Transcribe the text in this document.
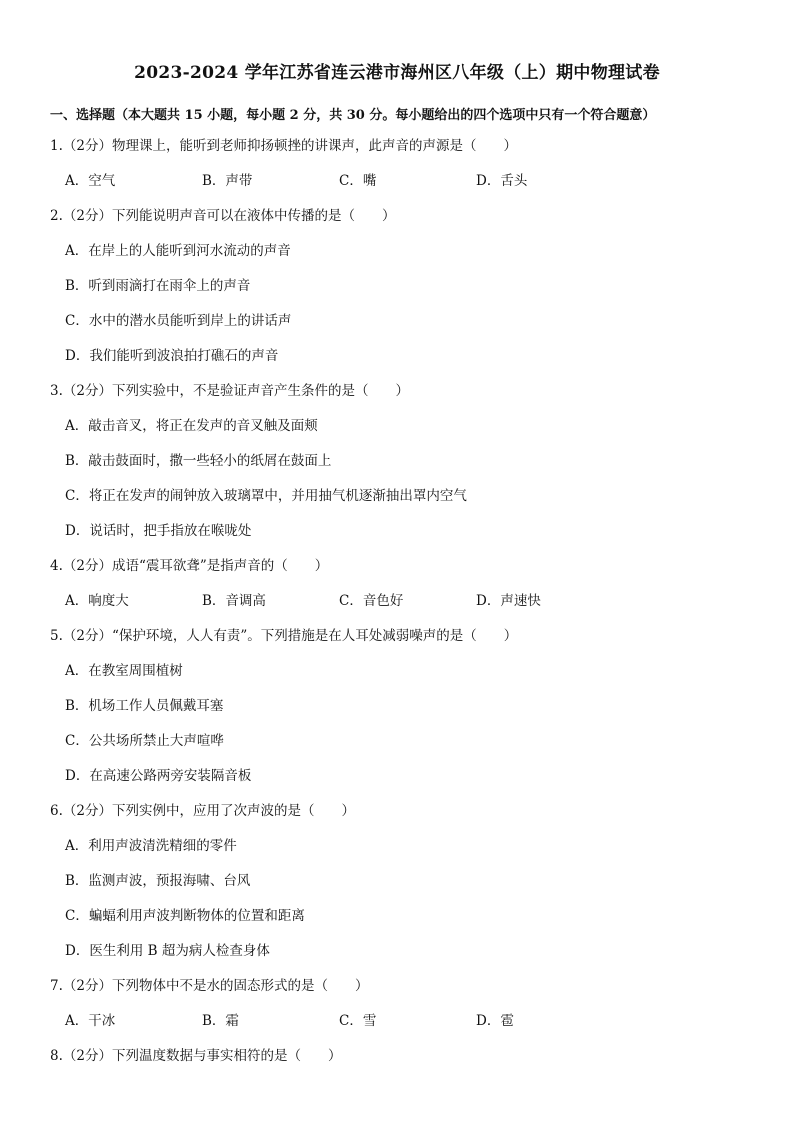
2023-2024 学年江苏省连云港市海州区八年级（上）期中物理试卷
一、选择题（本大题共 15 小题，每小题 2 分，共 30 分。每小题给出的四个选项中只有一个符合题意）
1.（2分）物理课上，能听到老师抑扬顿挫的讲课声，此声音的声源是（　　）
A．空气	B．声带	C．嘴	D．舌头
2.（2分）下列能说明声音可以在液体中传播的是（　　）
A．在岸上的人能听到河水流动的声音
B．听到雨滴打在雨伞上的声音
C．水中的潜水员能听到岸上的讲话声
D．我们能听到波浪拍打礁石的声音
3.（2分）下列实验中，不是验证声音产生条件的是（　　）
A．敲击音叉，将正在发声的音叉触及面颊
B．敲击鼓面时，撒一些轻小的纸屑在鼓面上
C．将正在发声的闹钟放入玻璃罩中，并用抽气机逐渐抽出罩内空气
D．说话时，把手指放在喉咙处
4.（2分）成语“震耳欲聋”是指声音的（　　）
A．响度大	B．音调高	C．音色好	D．声速快
5.（2分）“保护环境，人人有责”。下列措施是在人耳处减弱噪声的是（　　）
A．在教室周围植树
B．机场工作人员佩戴耳塞
C．公共场所禁止大声喧哗
D．在高速公路两旁安装隔音板
6.（2分）下列实例中，应用了次声波的是（　　）
A．利用声波清洗精细的零件
B．监测声波，预报海啸、台风
C．蝙蝠利用声波判断物体的位置和距离
D．医生利用 B 超为病人检查身体
7.（2分）下列物体中不是水的固态形式的是（　　）
A．干冰	B．霜	C．雪	D．雹
8.（2分）下列温度数据与事实相符的是（　　）
